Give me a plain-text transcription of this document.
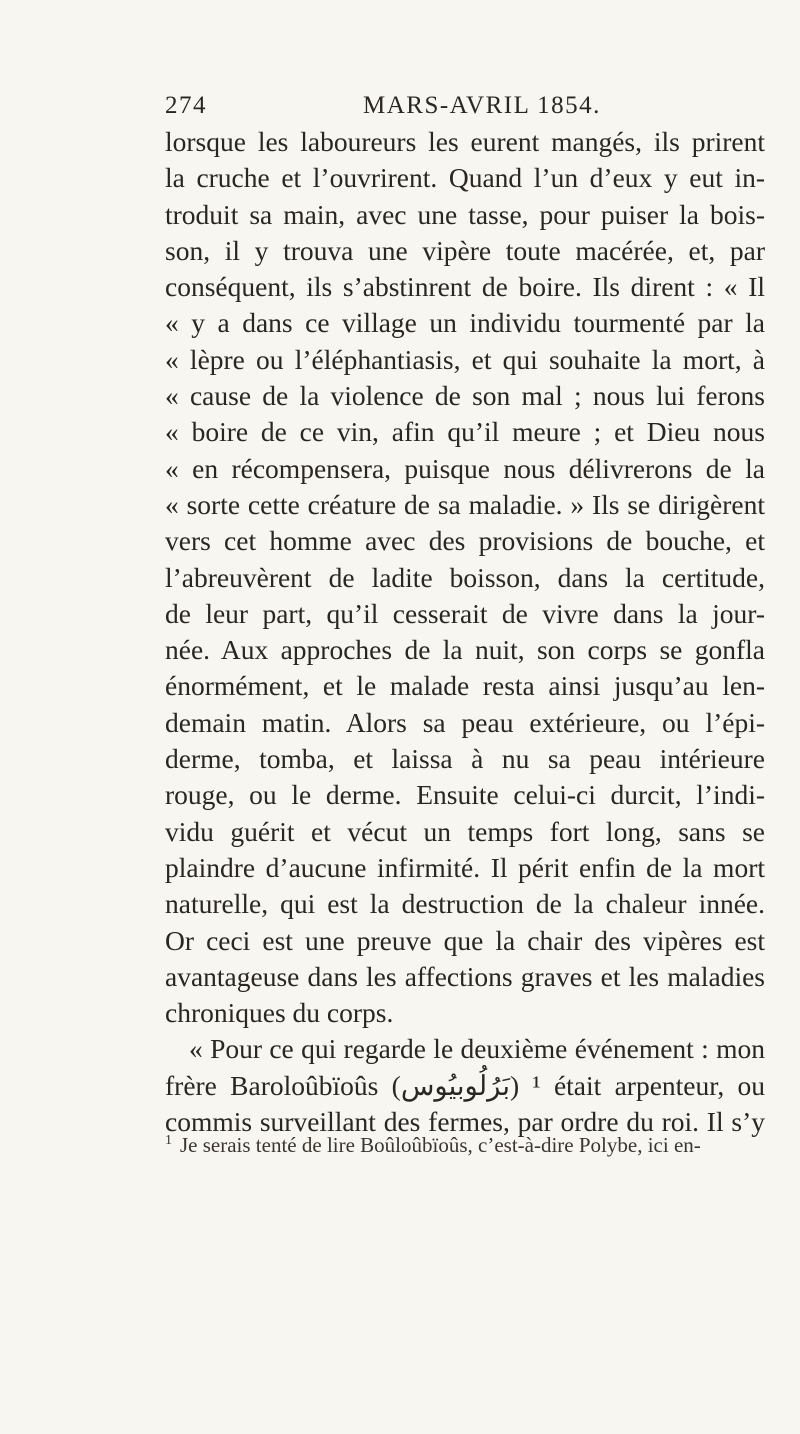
274	MARS-AVRIL 1854.
lorsque les laboureurs les eurent mangés, ils prirent
la cruche et l’ouvrirent. Quand l’un d’eux y eut in-
troduit sa main, avec une tasse, pour puiser la bois-
son, il y trouva une vipère toute macérée, et, par
conséquent, ils s’abstinrent de boire. Ils dirent : « Il
« y a dans ce village un individu tourmenté par la
« lèpre ou l’éléphantiasis, et qui souhaite la mort, à
« cause de la violence de son mal ; nous lui ferons
« boire de ce vin, afin qu’il meure ; et Dieu nous
« en récompensera, puisque nous délivrerons de la
« sorte cette créature de sa maladie. » Ils se dirigèrent
vers cet homme avec des provisions de bouche, et
l’abreuvèrent de ladite boisson, dans la certitude,
de leur part, qu’il cesserait de vivre dans la jour-
née. Aux approches de la nuit, son corps se gonfla
énormément, et le malade resta ainsi jusqu’au len-
demain matin. Alors sa peau extérieure, ou l’épi-
derme, tomba, et laissa à nu sa peau intérieure
rouge, ou le derme. Ensuite celui-ci durcit, l’indi-
vidu guérit et vécut un temps fort long, sans se
plaindre d’aucune infirmité. Il périt enfin de la mort
naturelle, qui est la destruction de la chaleur innée.
Or ceci est une preuve que la chair des vipères est
avantageuse dans les affections graves et les maladies
chroniques du corps.
« Pour ce qui regarde le deuxième événement : mon
frère Baroloûbïoûs (بَرُلُوبيُوس) ¹ était arpenteur, ou
commis surveillant des fermes, par ordre du roi. Il s’y
$^1$ Je serais tenté de lire Boûloûbïoûs, c’est-à-dire Polybe, ici en-
